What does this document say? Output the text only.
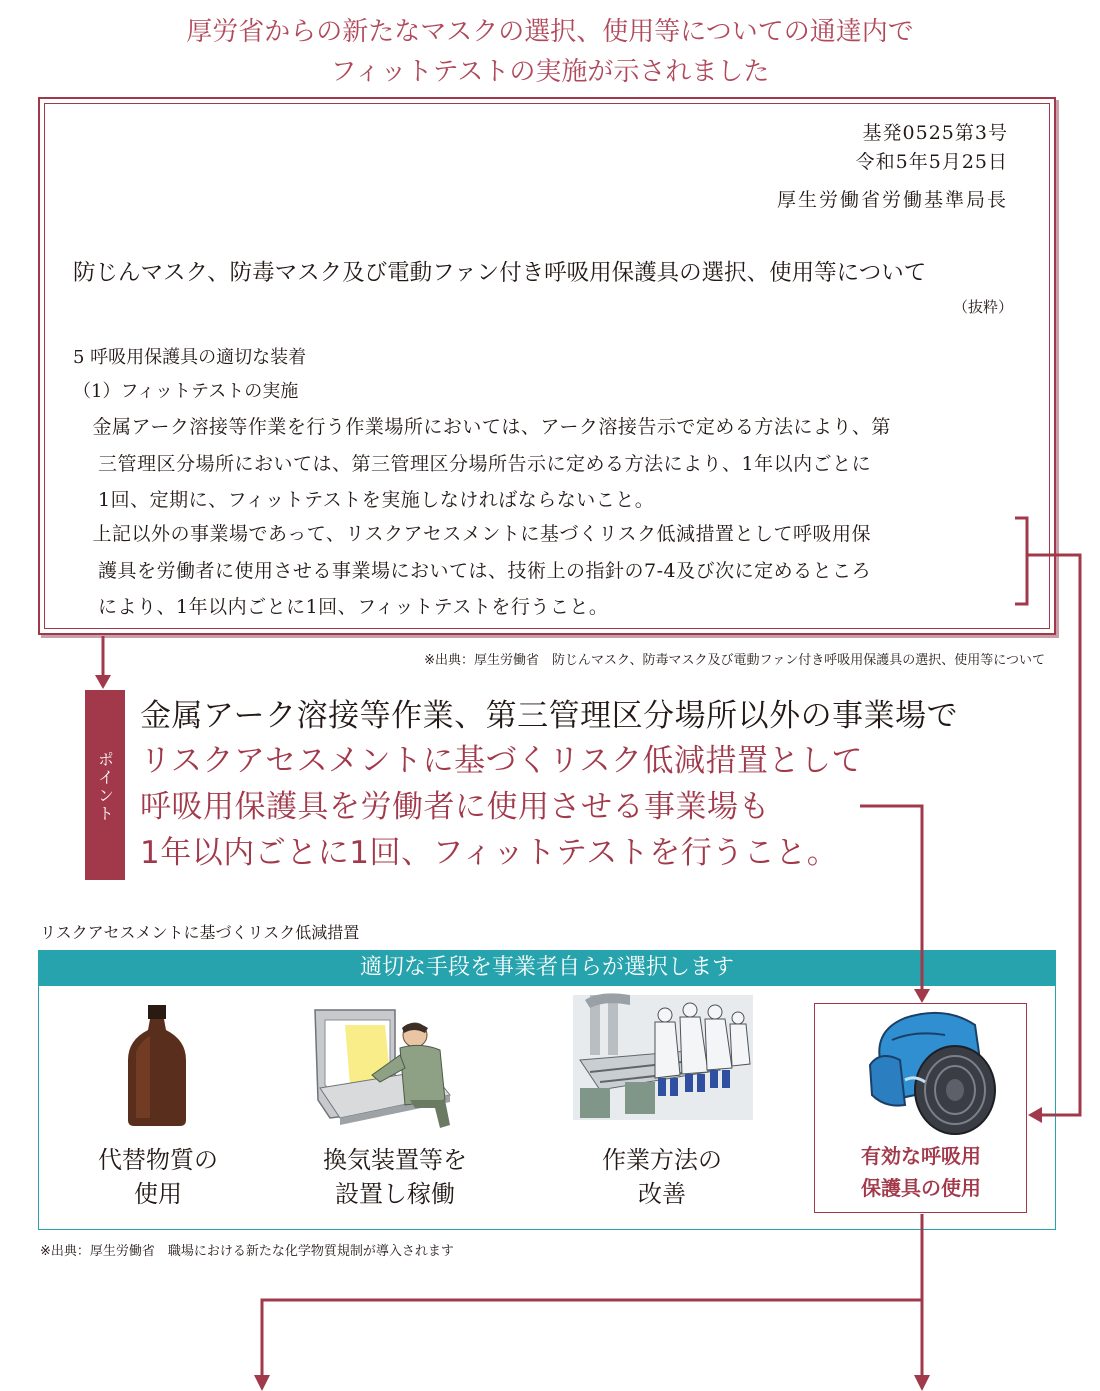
厚労省からの新たなマスクの選択、使用等についての通達内で
フィットテストの実施が示されました
基発0525第3号
令和5年5月25日
厚生労働省労働基準局長
防じんマスク、防毒マスク及び電動ファン付き呼吸用保護具の選択、使用等について
（抜粋）
5 呼吸用保護具の適切な装着
（1）フィットテストの実施
　金属アーク溶接等作業を行う作業場所においては、アーク溶接告示で定める方法により、第
三管理区分場所においては、第三管理区分場所告示に定める方法により、1年以内ごとに
1回、定期に、フィットテストを実施しなければならないこと。
　上記以外の事業場であって、リスクアセスメントに基づくリスク低減措置として呼吸用保
護具を労働者に使用させる事業場においては、技術上の指針の7-4及び次に定めるところ
により、1年以内ごとに1回、フィットテストを行うこと。
※出典：厚生労働省　防じんマスク、防毒マスク及び電動ファン付き呼吸用保護具の選択、使用等について
ポイント
金属アーク溶接等作業、第三管理区分場所以外の事業場で
リスクアセスメントに基づくリスク低減措置として
呼吸用保護具を労働者に使用させる事業場も
1年以内ごとに1回、フィットテストを行うこと。
リスクアセスメントに基づくリスク低減措置
適切な手段を事業者自らが選択します
代替物質の
使用
換気装置等を
設置し稼働
作業方法の
改善
有効な呼吸用
保護具の使用
※出典：厚生労働省　職場における新たな化学物質規制が導入されます
